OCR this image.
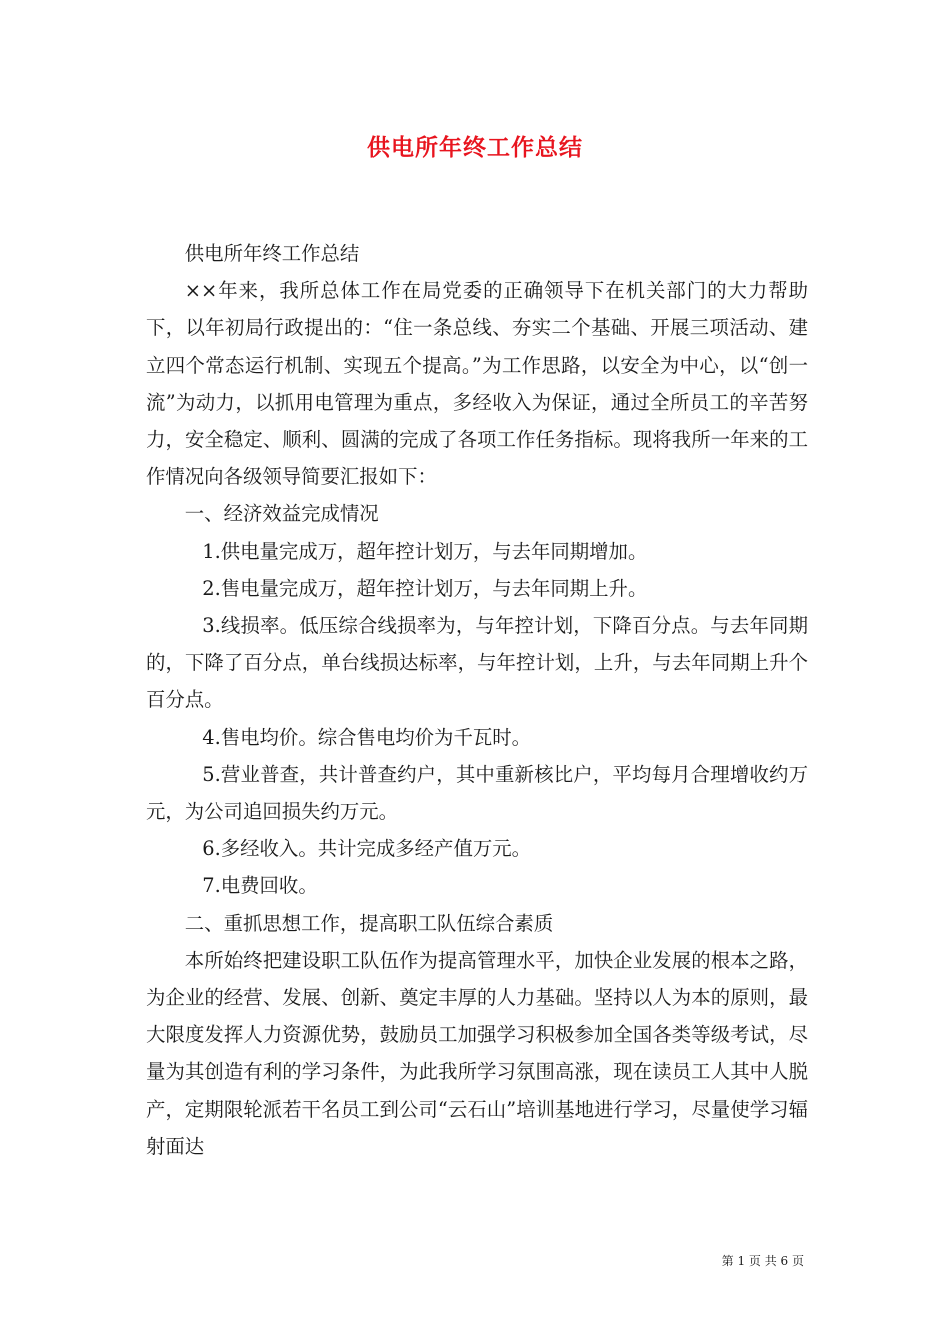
供电所年终工作总结

供电所年终工作总结

××年来，我所总体工作在局党委的正确领导下在机关部门的大力帮助下，以年初局行政提出的：“住一条总线、夯实二个基础、开展三项活动、建立四个常态运行机制、实现五个提高。”为工作思路，以安全为中心，以“创一流”为动力，以抓用电管理为重点，多经收入为保证，通过全所员工的辛苦努力，安全稳定、顺利、圆满的完成了各项工作任务指标。现将我所一年来的工作情况向各级领导简要汇报如下：

一、经济效益完成情况

1.供电量完成万，超年控计划万，与去年同期增加。

2.售电量完成万，超年控计划万，与去年同期上升。

3.线损率。低压综合线损率为，与年控计划，下降百分点。与去年同期的，下降了百分点，单台线损达标率，与年控计划，上升，与去年同期上升个百分点。

4.售电均价。综合售电均价为千瓦时。

5.营业普查，共计普查约户，其中重新核比户，平均每月合理增收约万元，为公司追回损失约万元。

6.多经收入。共计完成多经产值万元。

7.电费回收。

二、重抓思想工作，提高职工队伍综合素质

本所始终把建设职工队伍作为提高管理水平，加快企业发展的根本之路，为企业的经营、发展、创新、奠定丰厚的人力基础。坚持以人为本的原则，最大限度发挥人力资源优势，鼓励员工加强学习积极参加全国各类等级考试，尽量为其创造有利的学习条件，为此我所学习氛围高涨，现在读员工人其中人脱产，定期限轮派若干名员工到公司“云石山”培训基地进行学习，尽量使学习辐射面达

第 1 页 共 6 页
